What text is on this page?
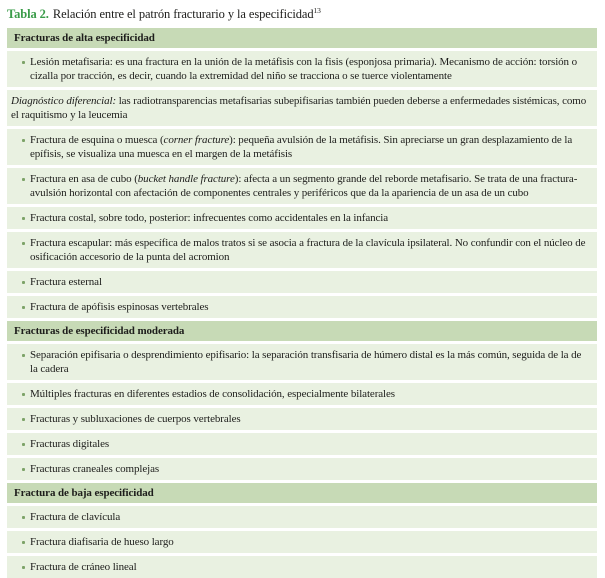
Tabla 2. Relación entre el patrón fracturario y la especificidad$^{13}$
Fracturas de alta especificidad
Lesión metafisaria: es una fractura en la unión de la metáfisis con la fisis (esponjosa primaria). Mecanismo de acción: torsión o cizalla por tracción, es decir, cuando la extremidad del niño se tracciona o se tuerce violentamente
Diagnóstico diferencial: las radiotransparencias metafisarias subepifisarias también pueden deberse a enfermedades sistémicas, como el raquitismo y la leucemia
Fractura de esquina o muesca (corner fracture): pequeña avulsión de la metáfisis. Sin apreciarse un gran desplazamiento de la epífisis, se visualiza una muesca en el margen de la metáfisis
Fractura en asa de cubo (bucket handle fracture): afecta a un segmento grande del reborde metafisario. Se trata de una fractura-avulsión horizontal con afectación de componentes centrales y periféricos que da la apariencia de un asa de un cubo
Fractura costal, sobre todo, posterior: infrecuentes como accidentales en la infancia
Fractura escapular: más específica de malos tratos si se asocia a fractura de la clavícula ipsilateral. No confundir con el núcleo de osificación accesorio de la punta del acromion
Fractura esternal
Fractura de apófisis espinosas vertebrales
Fracturas de especificidad moderada
Separación epifisaria o desprendimiento epifisario: la separación transfisaria de húmero distal es la más común, seguida de la de la cadera
Múltiples fracturas en diferentes estadios de consolidación, especialmente bilaterales
Fracturas y subluxaciones de cuerpos vertebrales
Fracturas digitales
Fracturas craneales complejas
Fractura de baja especificidad
Fractura de clavícula
Fractura diafisaria de hueso largo
Fractura de cráneo lineal
